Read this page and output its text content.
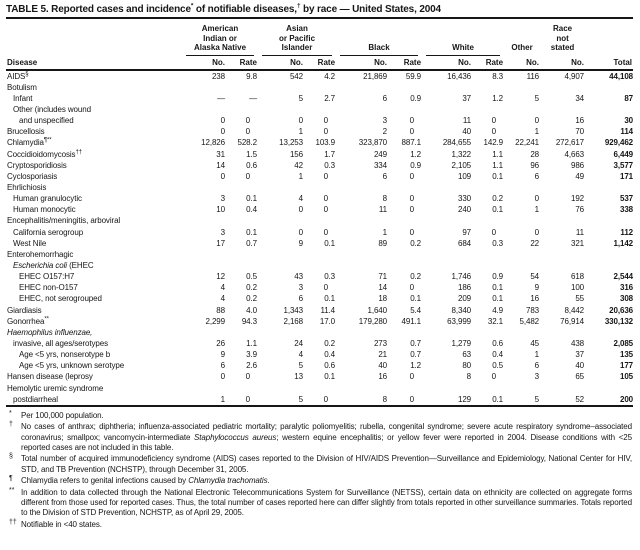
TABLE 5. Reported cases and incidence* of notifiable diseases,† by race — United States, 2004

American
Indian or
Alaska Native

Asian
or Pacific
Islander	Black	White	Other

Race
not
stated

Disease	No.	Rate	No.	Rate	No.	Rate	No.	Rate	No.	No.	Total
AIDS§	238	9.8	542	4.2	21,869	59.9	16,436	8.3	116	4,907	44,108
Botulism											
Infant	—	—	5	2.7	6	0.9	37	1.2	5	34	87
Other (includes wound											
and unspecified	0	0	0	0	3	0	11	0	0	16	30
Brucellosis	0	0	1	0	2	0	40	0	1	70	114
Chlamydia¶**	12,826	528.2	13,253	103.9	323,870	887.1	284,655	142.9	22,241	272,617	929,462
Coccidioidomycosis††	31	1.5	156	1.7	249	1.2	1,322	1.1	28	4,663	6,449
Cryptosporidiosis	14	0.6	42	0.3	334	0.9	2,105	1.1	96	986	3,577
Cyclosporiasis	0	0	1	0	6	0	109	0.1	6	49	171
Ehrlichiosis											
Human granulocytic	3	0.1	4	0	8	0	330	0.2	0	192	537
Human monocytic	10	0.4	0	0	11	0	240	0.1	1	76	338
Encephalitis/meningitis, arboviral											
California serogroup	3	0.1	0	0	1	0	97	0	0	11	112
West Nile	17	0.7	9	0.1	89	0.2	684	0.3	22	321	1,142
Enterohemorrhagic											
Escherichia coli (EHEC											
EHEC O157:H7	12	0.5	43	0.3	71	0.2	1,746	0.9	54	618	2,544
EHEC non-O157	4	0.2	3	0	14	0	186	0.1	9	100	316
EHEC, not serogrouped	4	0.2	6	0.1	18	0.1	209	0.1	16	55	308
Giardiasis	88	4.0	1,343	11.4	1,640	5.4	8,340	4.9	783	8,442	20,636
Gonorrhea**	2,299	94.3	2,168	17.0	179,280	491.1	63,999	32.1	5,482	76,914	330,132
Haemophilus influenzae,											
invasive, all ages/serotypes	26	1.1	24	0.2	273	0.7	1,279	0.6	45	438	2,085
Age <5 yrs, nonserotype b	9	3.9	4	0.4	21	0.7	63	0.4	1	37	135
Age <5 yrs, unknown serotype	6	2.6	5	0.6	40	1.2	80	0.5	6	40	177
Hansen disease (leprosy	0	0	13	0.1	16	0	8	0	3	65	105
Hemolytic uremic syndrome											
postdiarrheal	1	0	5	0	8	0	129	0.1	5	52	200
*	Per 100,000 population.
†	No cases of anthrax; diphtheria; influenza-associated pediatric mortality; paralytic poliomyelitis; rubella, congenital syndrome; severe acute respiratory syndrome–associated coronavirus; smallpox; vancomycin-intermediate Staphylococcus aureus; western equine encephalitis; or yellow fever were reported in 2004. Disease conditions with <25 reported cases are not included in this table.
§	Total number of acquired immunodeficiency syndrome (AIDS) cases reported to the Division of HIV/AIDS Prevention—Surveillance and Epidemiology, National Center for HIV, STD, and TB Prevention (NCHSTP), through December 31, 2005.
¶	Chlamydia refers to genital infections caused by Chlamydia trachomatis.
** In addition to data collected through the National Electronic Telecommunications System for Surveillance (NETSS), certain data on ethnicity are collected on aggregate forms different from those used for reported cases. Thus, the total number of cases reported here can differ slightly from totals reported in other surveillance summaries. Totals reported to the Division of STD Prevention, NCHSTP, as of April 29, 2005.
†† Notifiable in <40 states.
